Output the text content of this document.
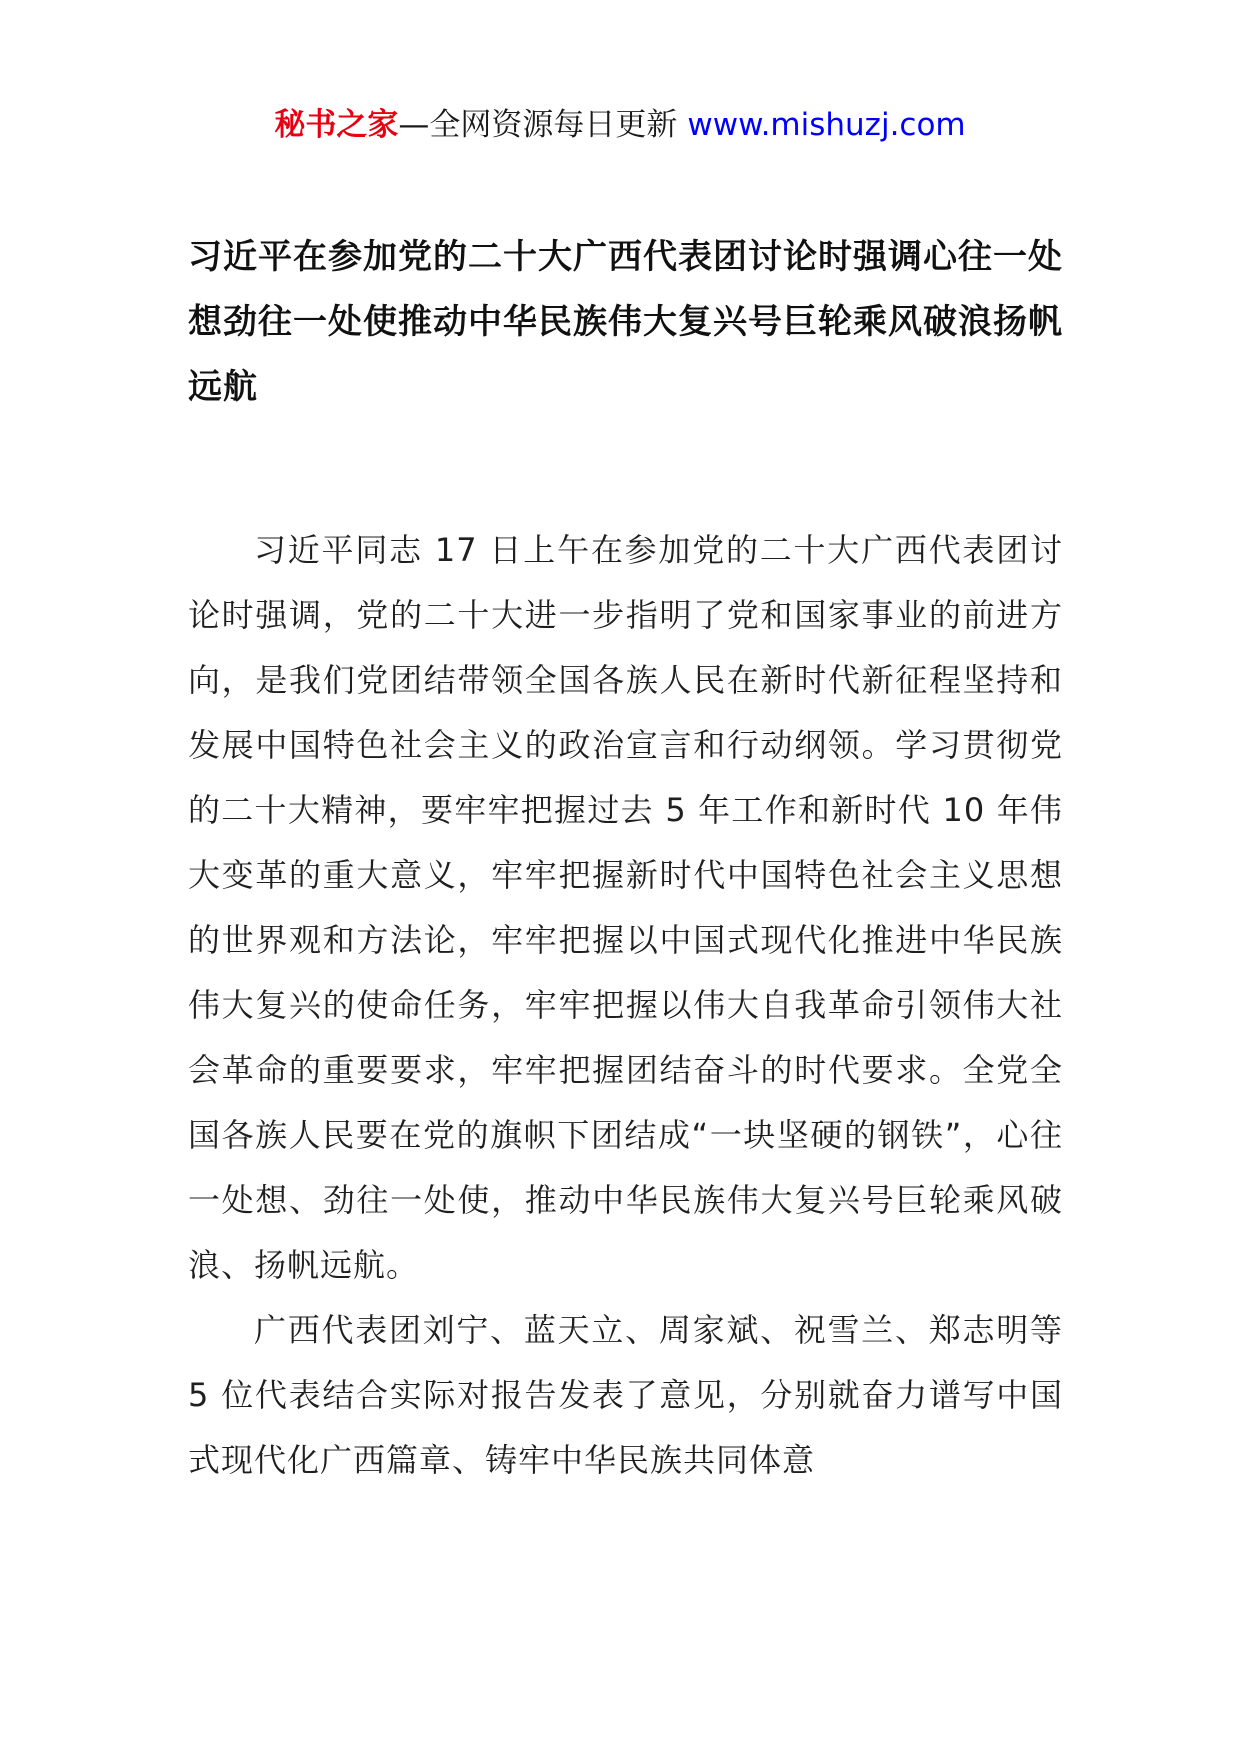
秘书之家—全网资源每日更新 www.mishuzj.com
习近平在参加党的二十大广西代表团讨论时强调心往一处想劲往一处使推动中华民族伟大复兴号巨轮乘风破浪扬帆远航

习近平同志 17 日上午在参加党的二十大广西代表团讨论时强调，党的二十大进一步指明了党和国家事业的前进方向，是我们党团结带领全国各族人民在新时代新征程坚持和发展中国特色社会主义的政治宣言和行动纲领。学习贯彻党的二十大精神，要牢牢把握过去 5 年工作和新时代 10 年伟大变革的重大意义，牢牢把握新时代中国特色社会主义思想的世界观和方法论，牢牢把握以中国式现代化推进中华民族伟大复兴的使命任务，牢牢把握以伟大自我革命引领伟大社会革命的重要要求，牢牢把握团结奋斗的时代要求。全党全国各族人民要在党的旗帜下团结成“一块坚硬的钢铁”，心往一处想、劲往一处使，推动中华民族伟大复兴号巨轮乘风破浪、扬帆远航。

广西代表团刘宁、蓝天立、周家斌、祝雪兰、郑志明等 5 位代表结合实际对报告发表了意见，分别就奋力谱写中国式现代化广西篇章、铸牢中华民族共同体意
